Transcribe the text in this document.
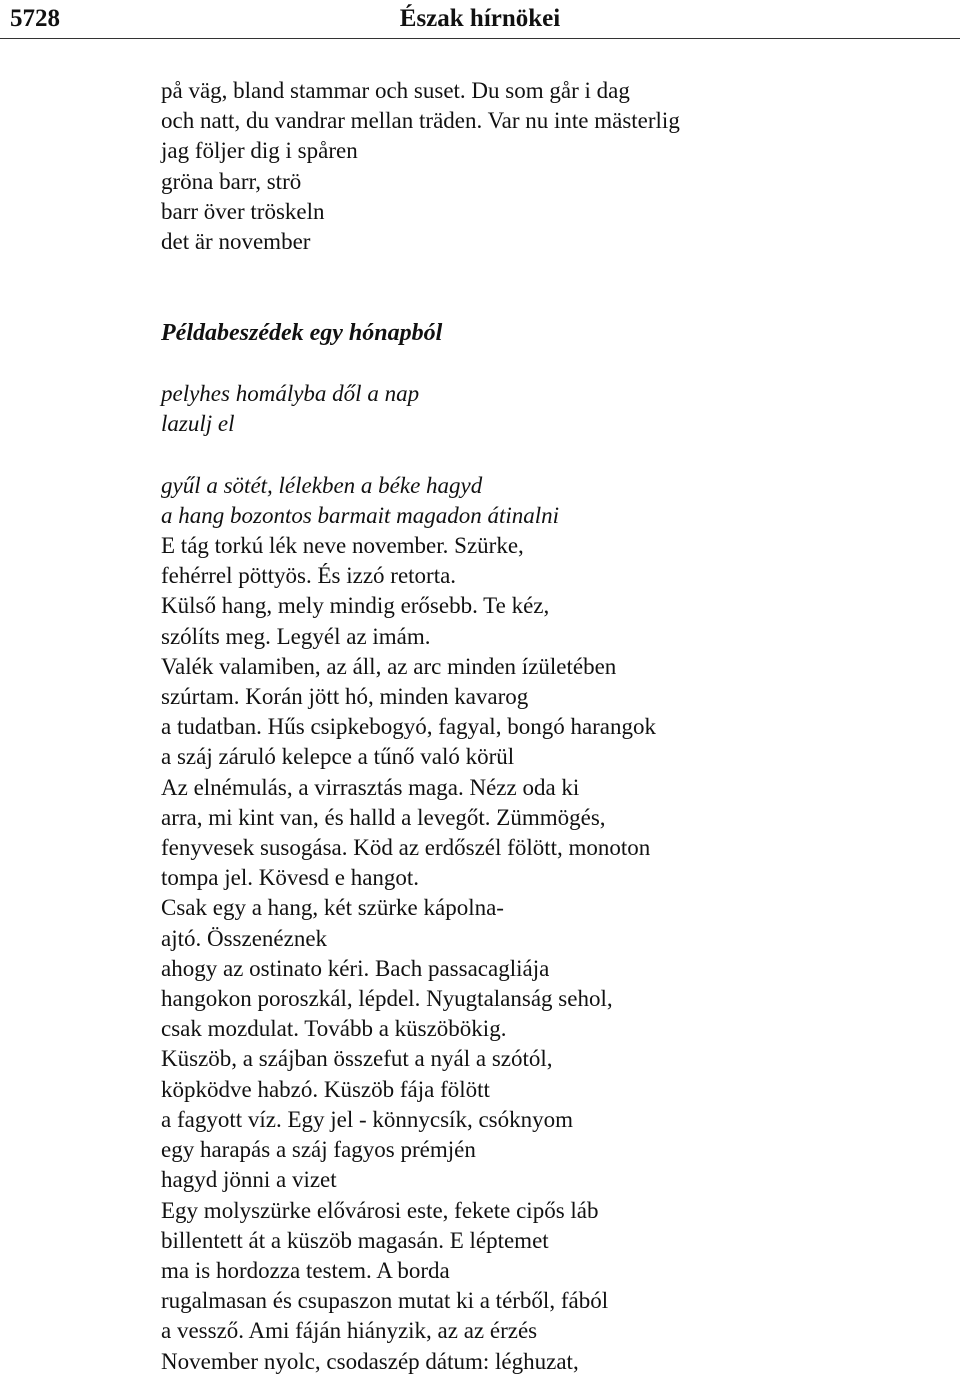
5728	Észak hírnökei
på väg, bland stammar och suset. Du som går i dag
och natt, du vandrar mellan träden. Var nu inte mästerlig
jag följer dig i spåren
gröna barr, strö
barr över tröskeln
det är november
Példabeszédek egy hónapból
pelyhes homályba dől a nap
lazulj el
gyűl a sötét, lélekben a béke hagyd
a hang bozontos barmait magadon átinalni
E tág torkú lék neve november. Szürke,
fehérrel pöttyös. És izzó retorta.
Külső hang, mely mindig erősebb. Te kéz,
szólíts meg. Legyél az imám.
Valék valamiben, az áll, az arc minden ízületében
szúrtam. Korán jött hó, minden kavarog
a tudatban. Hűs csipkebogyó, fagyal, bongó harangok
a száj záruló kelepce a tűnő való körül
Az elnémulás, a virrasztás maga. Nézz oda ki
arra, mi kint van, és halld a levegőt. Zümmögés,
fenyvesek susogása. Köd az erdőszél fölött, monoton
tompa jel. Kövesd e hangot.
Csak egy a hang, két szürke kápolna-
ajtó. Összenéznek
ahogy az ostinato kéri. Bach passacagliája
hangokon poroszkál, lépdel. Nyugtalanság sehol,
csak mozdulat. Tovább a küszöbökig.
Küszöb, a szájban összefut a nyál a szótól,
köpködve habzó. Küszöb fája fölött
a fagyott víz. Egy jel - könnycsík, csóknyom
egy harapás a száj fagyos prémjén
hagyd jönni a vizet
Egy molyszürke elővárosi este, fekete cipős láb
billentett át a küszöb magasán. E léptemet
ma is hordozza testem. A borda
rugalmasan és csupaszon mutat ki a térből, fából
a vessző. Ami fáján hiányzik, az az érzés
November nyolc, csodaszép dátum: léghuzat,
